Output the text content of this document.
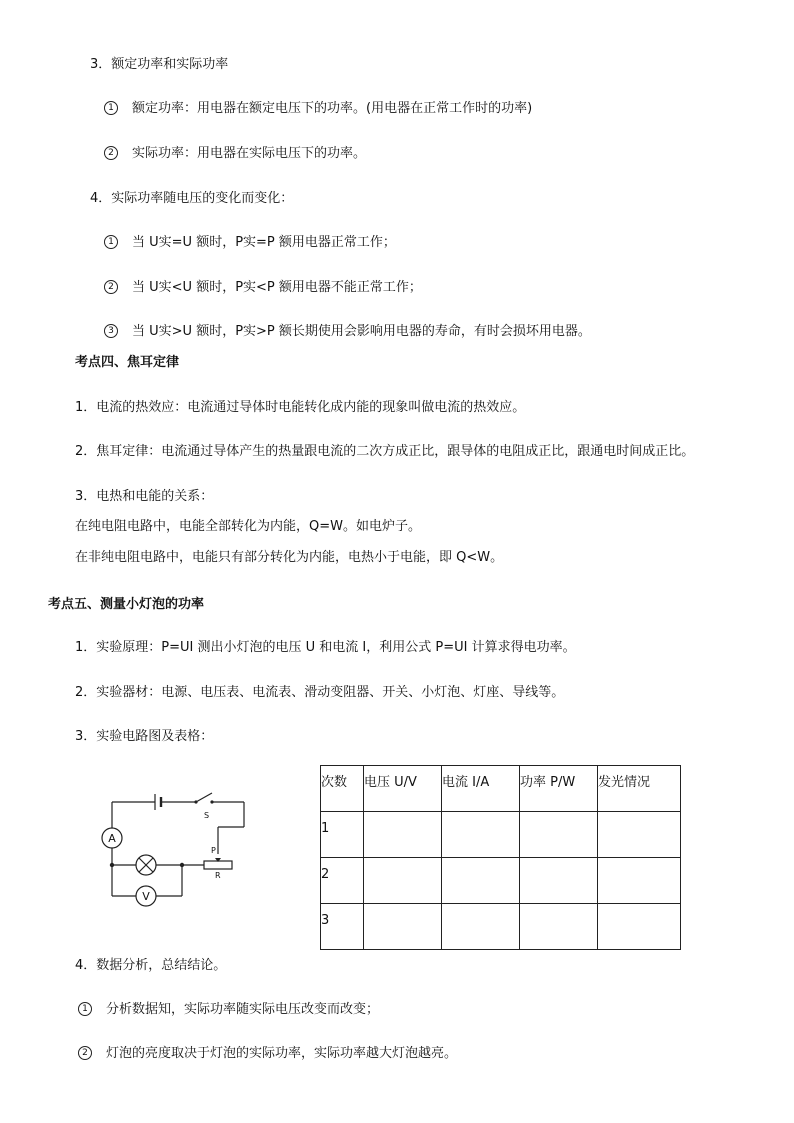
3．额定功率和实际功率
1 额定功率：用电器在额定电压下的功率。(用电器在正常工作时的功率)
2 实际功率：用电器在实际电压下的功率。
4．实际功率随电压的变化而变化：
1 当 U实=U 额时，P实=P 额用电器正常工作；
2 当 U实<U 额时，P实<P 额用电器不能正常工作；
3 当 U实>U 额时，P实>P 额长期使用会影响用电器的寿命，有时会损坏用电器。
考点四、焦耳定律
1．电流的热效应：电流通过导体时电能转化成内能的现象叫做电流的热效应。
2．焦耳定律：电流通过导体产生的热量跟电流的二次方成正比，跟导体的电阻成正比，跟通电时间成正比。
3．电热和电能的关系：
在纯电阻电路中，电能全部转化为内能，Q=W。如电炉子。
在非纯电阻电路中，电能只有部分转化为内能，电热小于电能，即 Q<W。
考点五、测量小灯泡的功率
1．实验原理：P=UI 测出小灯泡的电压 U 和电流 I，利用公式 P=UI 计算求得电功率。
2．实验器材：电源、电压表、电流表、滑动变阻器、开关、小灯泡、灯座、导线等。
3．实验电路图及表格：
A
V
S
P
R
次数	电压 U/V	电流 I/A	功率 P/W	发光情况

1				

2				

3				

4．数据分析，总结结论。
1 分析数据知，实际功率随实际电压改变而改变；
2 灯泡的亮度取决于灯泡的实际功率，实际功率越大灯泡越亮。
